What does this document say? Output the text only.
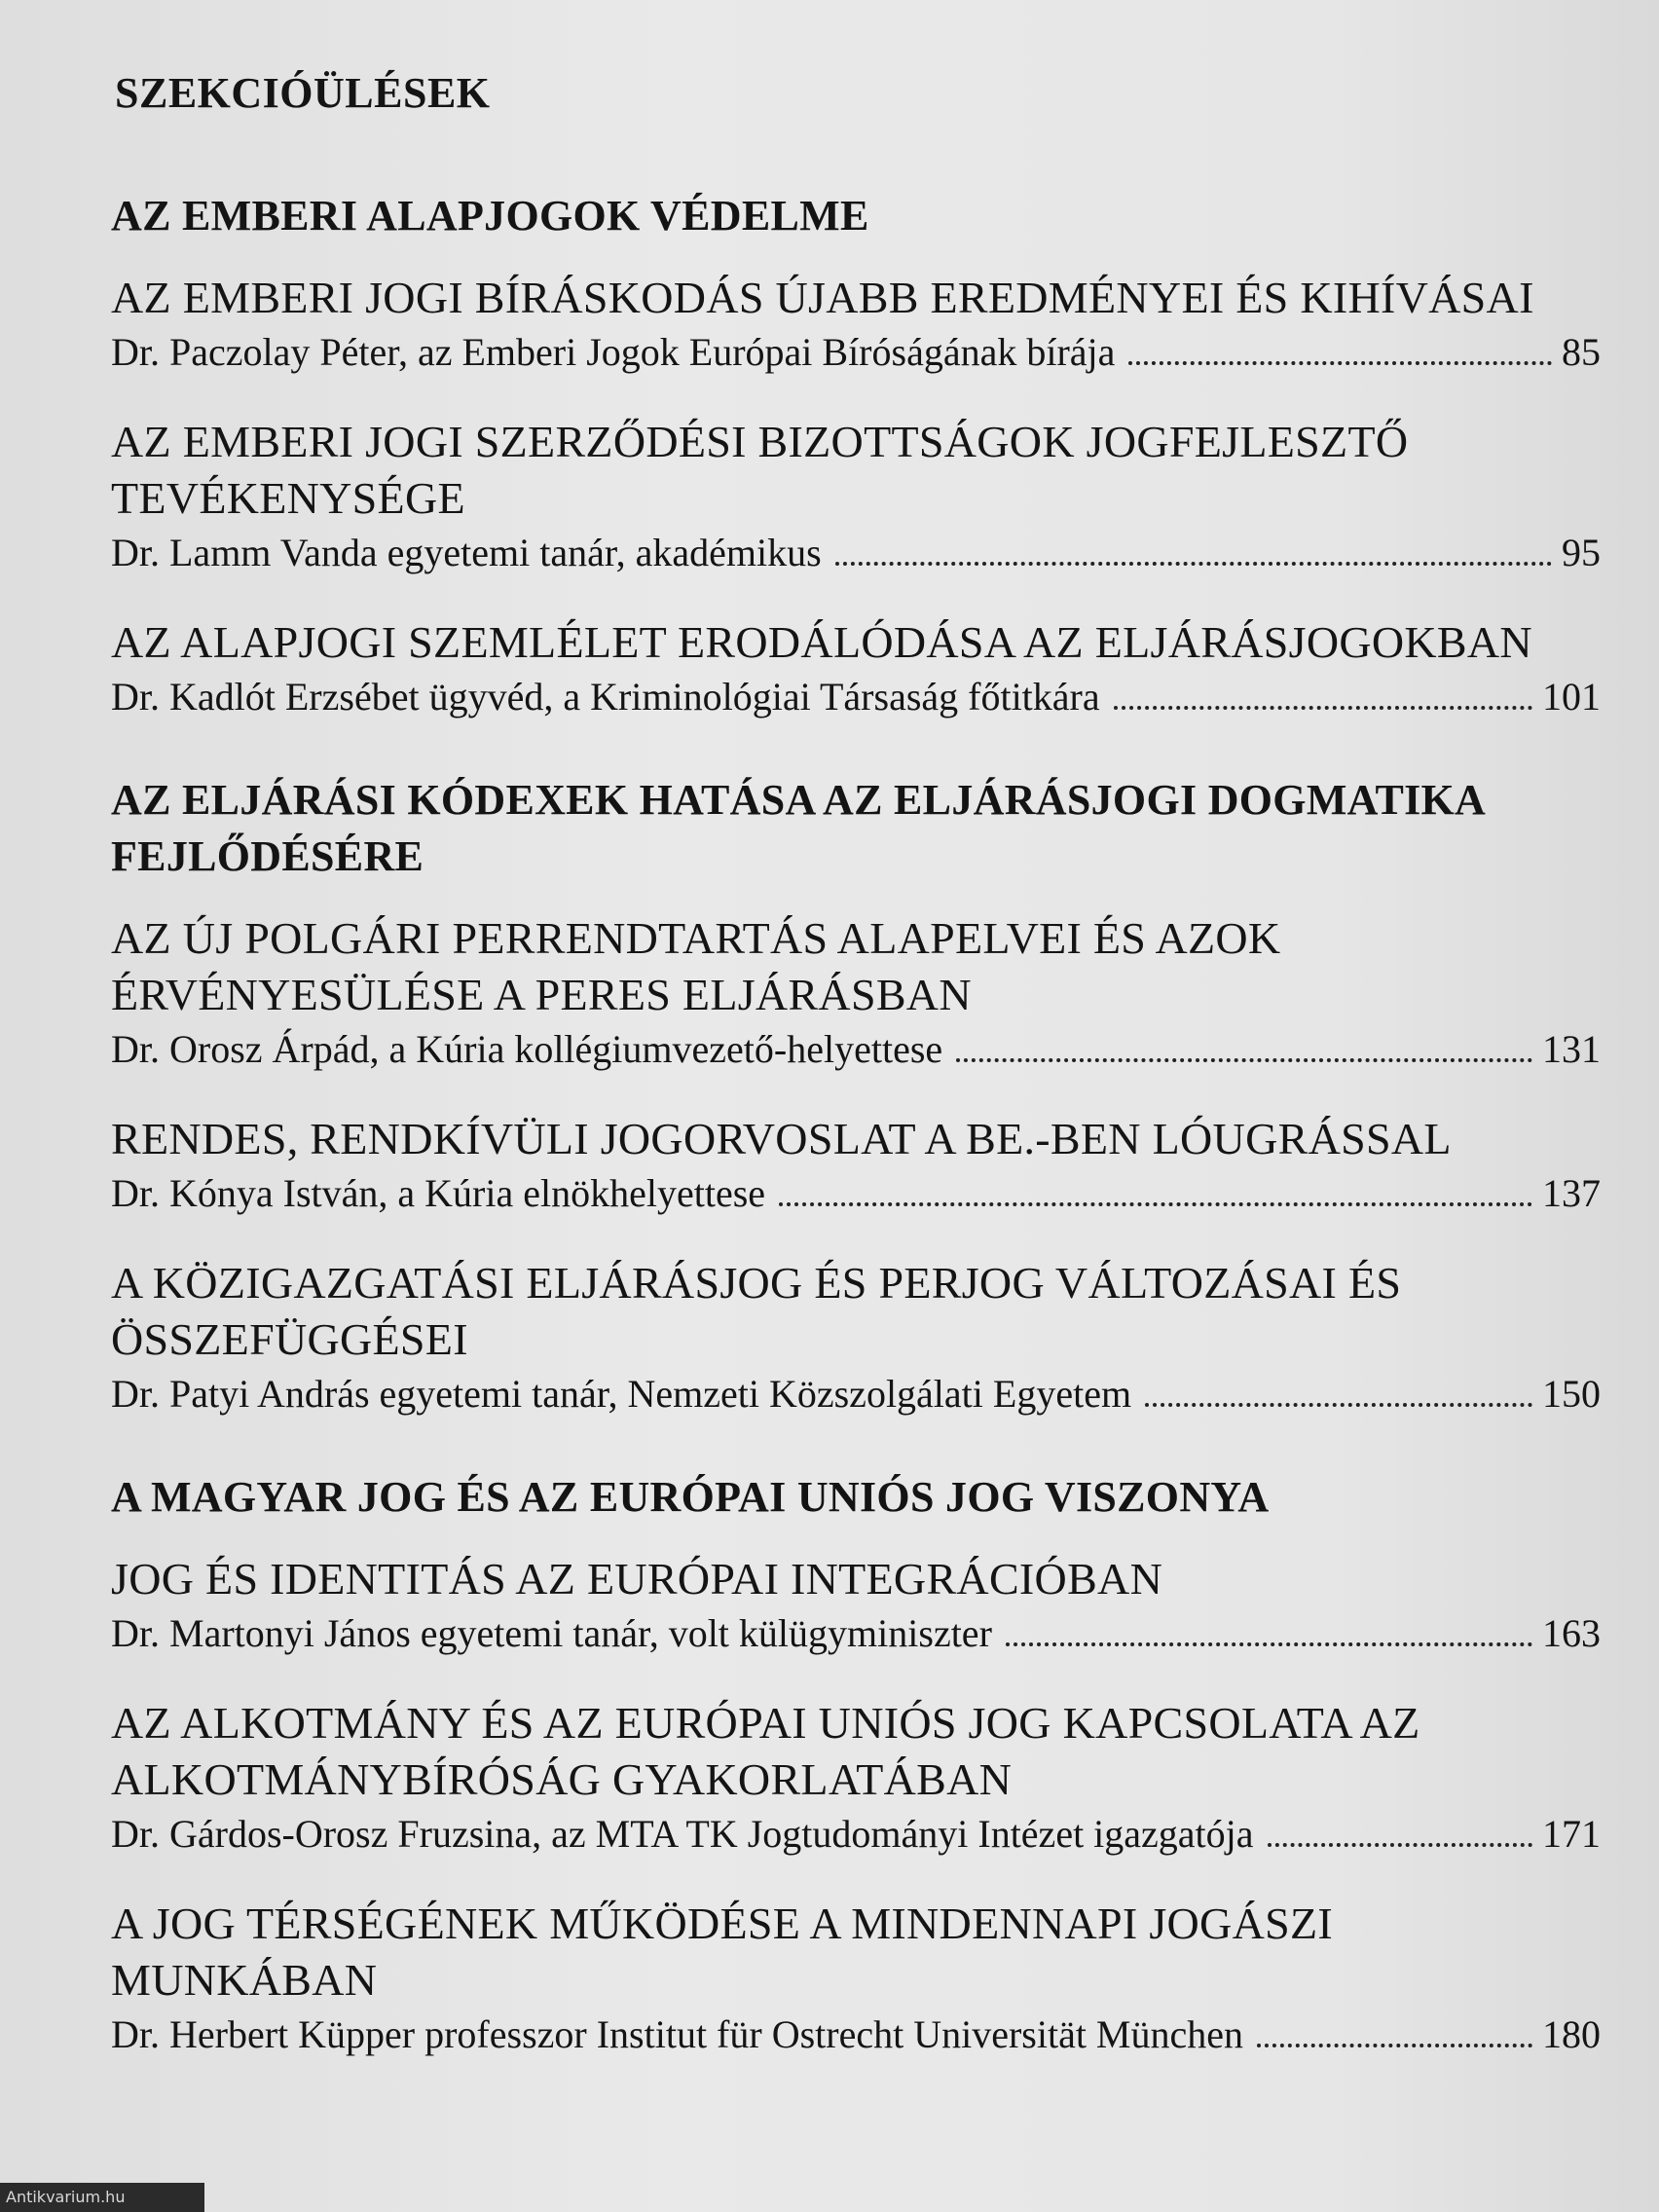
SZEKCIÓÜLÉSEK
AZ EMBERI ALAPJOGOK VÉDELME
AZ EMBERI JOGI BÍRÁSKODÁS ÚJABB EREDMÉNYEI ÉS KIHÍVÁSAI
Dr. Paczolay Péter, az Emberi Jogok Európai Bíróságának bírája	85
AZ EMBERI JOGI SZERZŐDÉSI BIZOTTSÁGOK JOGFEJLESZTŐ TEVÉKENYSÉGE
Dr. Lamm Vanda egyetemi tanár, akadémikus	95
AZ ALAPJOGI SZEMLÉLET ERODÁLÓDÁSA AZ ELJÁRÁSJOGOKBAN
Dr. Kadlót Erzsébet ügyvéd, a Kriminológiai Társaság főtitkára	101
AZ ELJÁRÁSI KÓDEXEK HATÁSA AZ ELJÁRÁSJOGI DOGMATIKA FEJLŐDÉSÉRE
AZ ÚJ POLGÁRI PERRENDTARTÁS ALAPELVEI ÉS AZOK ÉRVÉNYESÜLÉSE A PERES ELJÁRÁSBAN
Dr. Orosz Árpád, a Kúria kollégiumvezető-helyettese	131
RENDES, RENDKÍVÜLI JOGORVOSLAT A BE.-BEN LÓUGRÁSSAL
Dr. Kónya István, a Kúria elnökhelyettese	137
A KÖZIGAZGATÁSI ELJÁRÁSJOG ÉS PERJOG VÁLTOZÁSAI ÉS ÖSSZEFÜGGÉSEI
Dr. Patyi András egyetemi tanár, Nemzeti Közszolgálati Egyetem	150
A MAGYAR JOG ÉS AZ EURÓPAI UNIÓS JOG VISZONYA
JOG ÉS IDENTITÁS AZ EURÓPAI INTEGRÁCIÓBAN
Dr. Martonyi János egyetemi tanár, volt külügyminiszter	163
AZ ALKOTMÁNY ÉS AZ EURÓPAI UNIÓS JOG KAPCSOLATA AZ ALKOTMÁNYBÍRÓSÁG GYAKORLATÁBAN
Dr. Gárdos-Orosz Fruzsina, az MTA TK Jogtudományi Intézet igazgatója	171
A JOG TÉRSÉGÉNEK MŰKÖDÉSE A MINDENNAPI JOGÁSZI MUNKÁBAN
Dr. Herbert Küpper professzor Institut für Ostrecht Universität München	180
Antikvarium.hu
